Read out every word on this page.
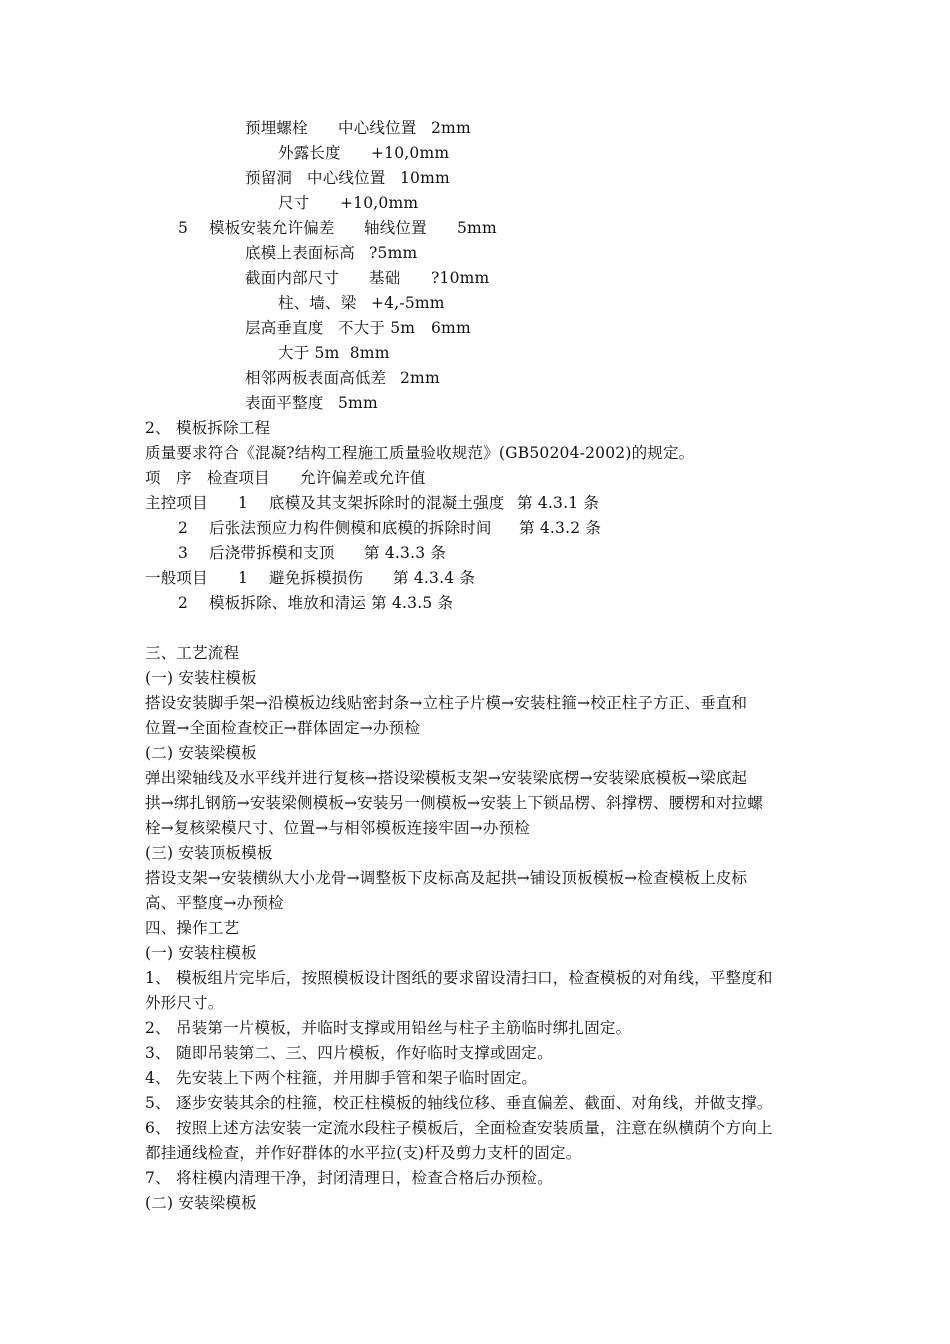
预埋螺栓	中心线位置	2mm
外露长度	+10,0mm
预留洞	中心线位置	10mm
尺寸	+10,0mm
5	模板安装允许偏差	轴线位置	5mm
底模上表面标高	?5mm
截面内部尺寸	基础	?10mm
柱、墙、梁	+4,-5mm
层高垂直度	不大于 5m	6mm
大于 5m  8mm
相邻两板表面高低差	2mm
表面平整度	5mm
2、	模板拆除工程
质量要求符合《混凝?结构工程施工质量验收规范》(GB50204-2002)的规定。
项	序	检查项目	允许偏差或允许值
主控项目	1	底模及其支架拆除时的混凝土强度	第 4.3.1 条
2	后张法预应力构件侧模和底模的拆除时间	第 4.3.2 条
3	后浇带拆模和支顶	第 4.3.3 条
一般项目	1	避免拆模损伤	第 4.3.4 条
2	模板拆除、堆放和清运 第 4.3.5 条
三、工艺流程
(一) 安装柱模板
搭设安装脚手架→沿模板边线贴密封条→立柱子片模→安装柱箍→校正柱子方正、垂直和
位置→全面检查校正→群体固定→办预检
(二) 安装梁模板
弹出梁轴线及水平线并进行复核→搭设梁模板支架→安装梁底楞→安装梁底模板→梁底起
拱→绑扎钢筋→安装梁侧模板→安装另一侧模板→安装上下锁品楞、斜撑楞、腰楞和对拉螺
栓→复核梁模尺寸、位置→与相邻模板连接牢固→办预检
(三) 安装顶板模板
搭设支架→安装横纵大小龙骨→调整板下皮标高及起拱→铺设顶板模板→检查模板上皮标
高、平整度→办预检
四、操作工艺
(一) 安装柱模板
1、	模板组片完毕后，按照模板设计图纸的要求留设清扫口，检查模板的对角线，平整度和
外形尺寸。
2、	吊装第一片模板，并临时支撑或用铅丝与柱子主筋临时绑扎固定。
3、	随即吊装第二、三、四片模板，作好临时支撑或固定。
4、	先安装上下两个柱箍，并用脚手管和架子临时固定。
5、	逐步安装其余的柱箍，校正柱模板的轴线位移、垂直偏差、截面、对角线，并做支撑。
6、	按照上述方法安装一定流水段柱子模板后，全面检查安装质量，注意在纵横荫个方向上
都挂通线检查，并作好群体的水平拉(支)杆及剪力支杆的固定。
7、	将柱模内清理干净，封闭清理日，检查合格后办预检。
(二) 安装梁模板
